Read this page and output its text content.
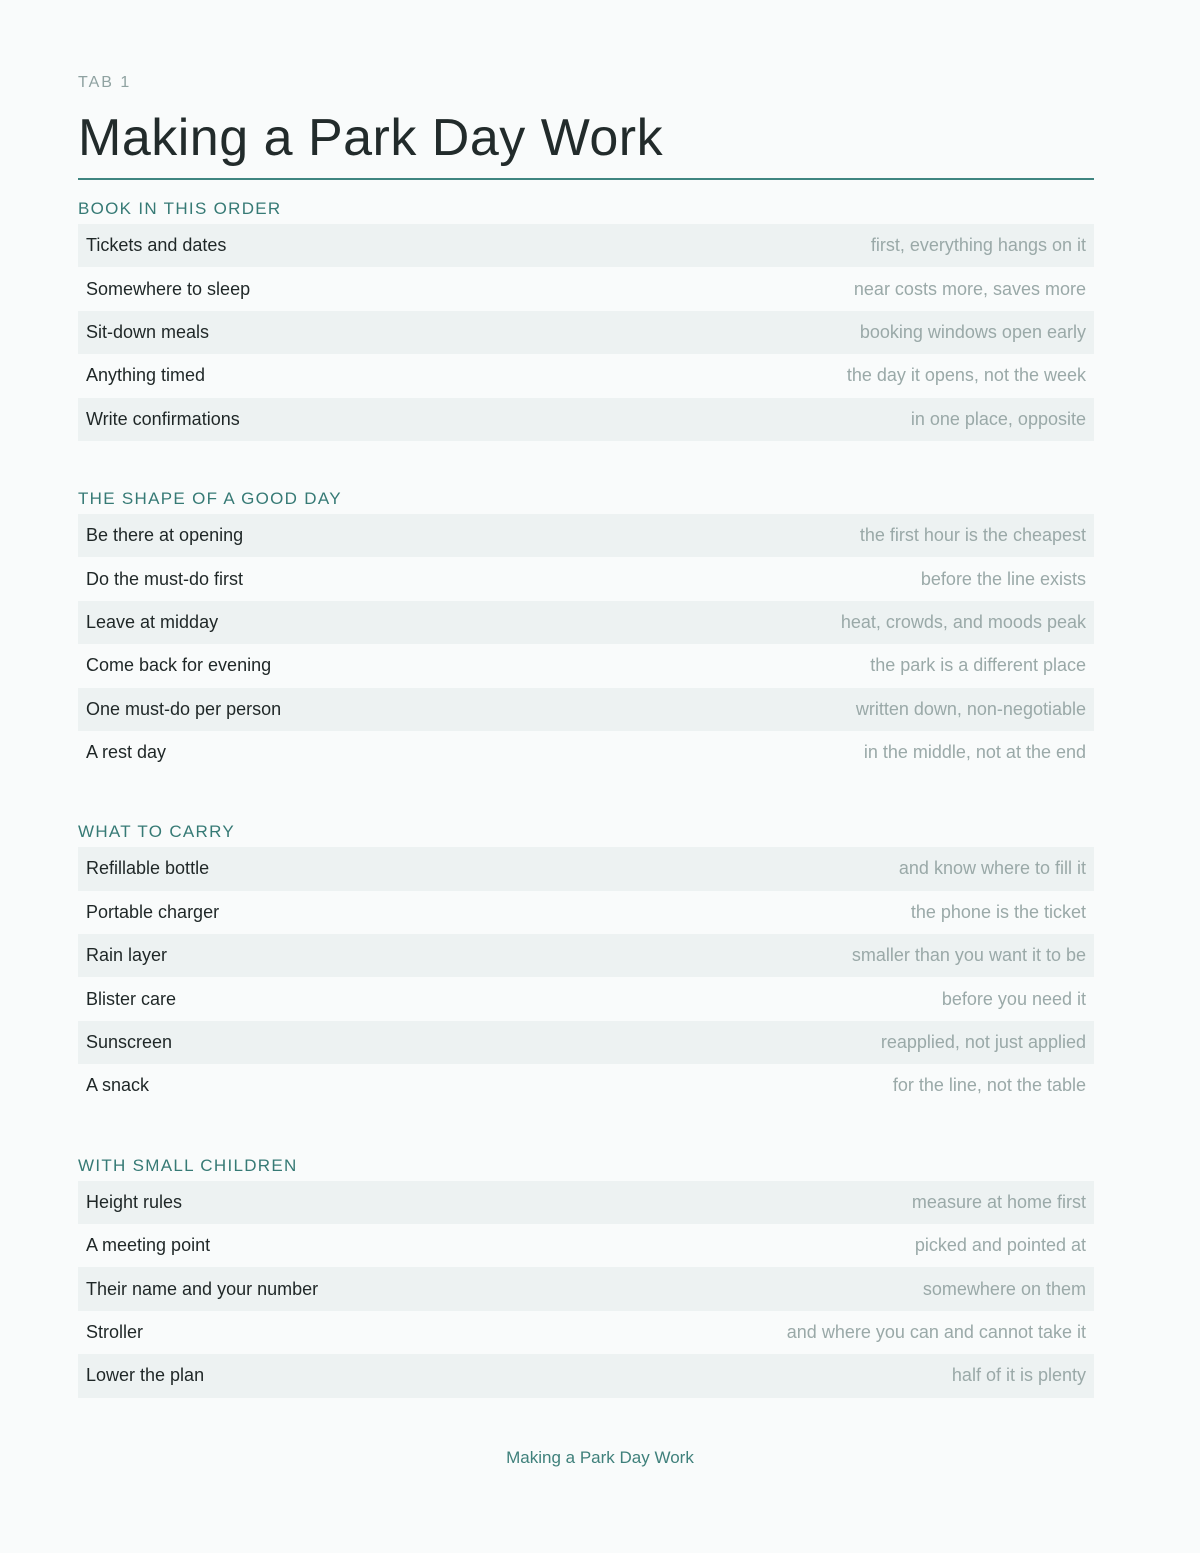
TAB 1
Making a Park Day Work
BOOK IN THIS ORDER
Tickets and dates	first, everything hangs on it
Somewhere to sleep	near costs more, saves more
Sit-down meals	booking windows open early
Anything timed	the day it opens, not the week
Write confirmations	in one place, opposite
THE SHAPE OF A GOOD DAY
Be there at opening	the first hour is the cheapest
Do the must-do first	before the line exists
Leave at midday	heat, crowds, and moods peak
Come back for evening	the park is a different place
One must-do per person	written down, non-negotiable
A rest day	in the middle, not at the end
WHAT TO CARRY
Refillable bottle	and know where to fill it
Portable charger	the phone is the ticket
Rain layer	smaller than you want it to be
Blister care	before you need it
Sunscreen	reapplied, not just applied
A snack	for the line, not the table
WITH SMALL CHILDREN
Height rules	measure at home first
A meeting point	picked and pointed at
Their name and your number	somewhere on them
Stroller	and where you can and cannot take it
Lower the plan	half of it is plenty
Making a Park Day Work
